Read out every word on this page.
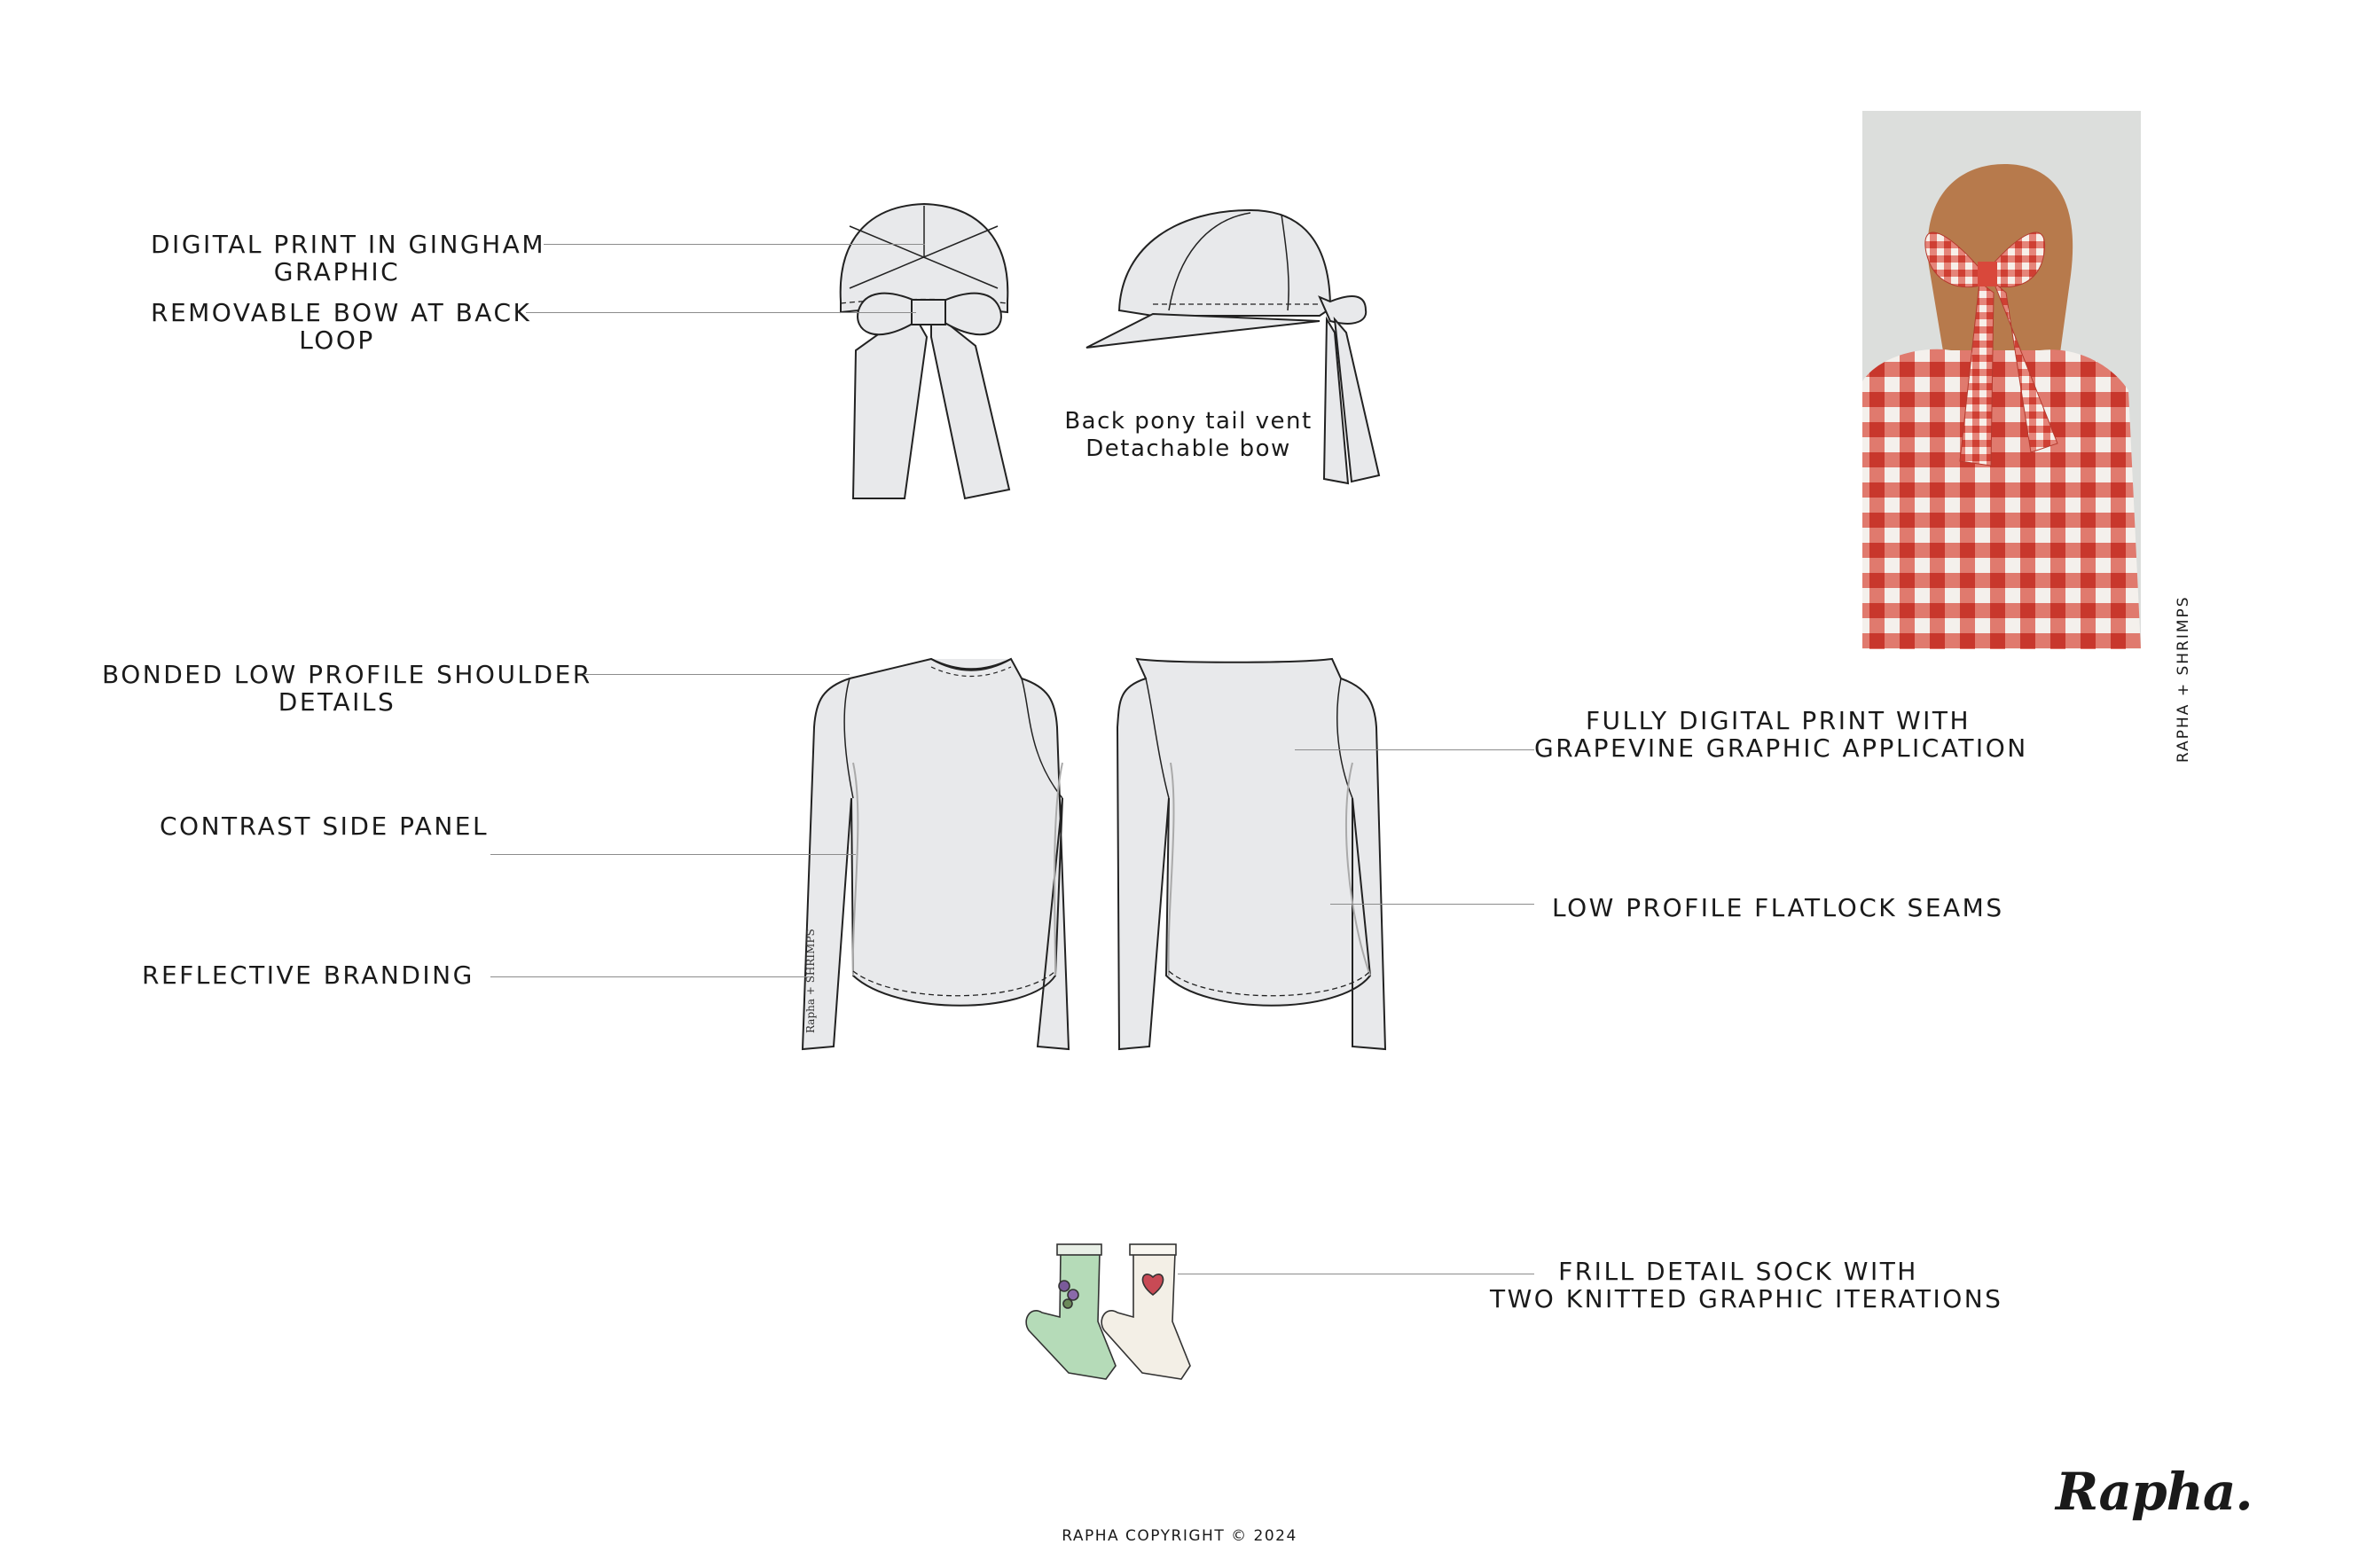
Rapha + SHRIMPS
DIGITAL PRINT IN GINGHAM
GRAPHIC
REMOVABLE BOW AT BACK
LOOP
Back pony tail vent
Detachable bow
BONDED LOW PROFILE SHOULDER
DETAILS
CONTRAST SIDE PANEL
REFLECTIVE BRANDING
FULLY DIGITAL PRINT WITH
GRAPEVINE GRAPHIC APPLICATION
LOW PROFILE FLATLOCK SEAMS
FRILL DETAIL SOCK WITH
TWO KNITTED GRAPHIC ITERATIONS
RAPHA + SHRIMPS
RAPHA COPYRIGHT © 2024
Rapha.
